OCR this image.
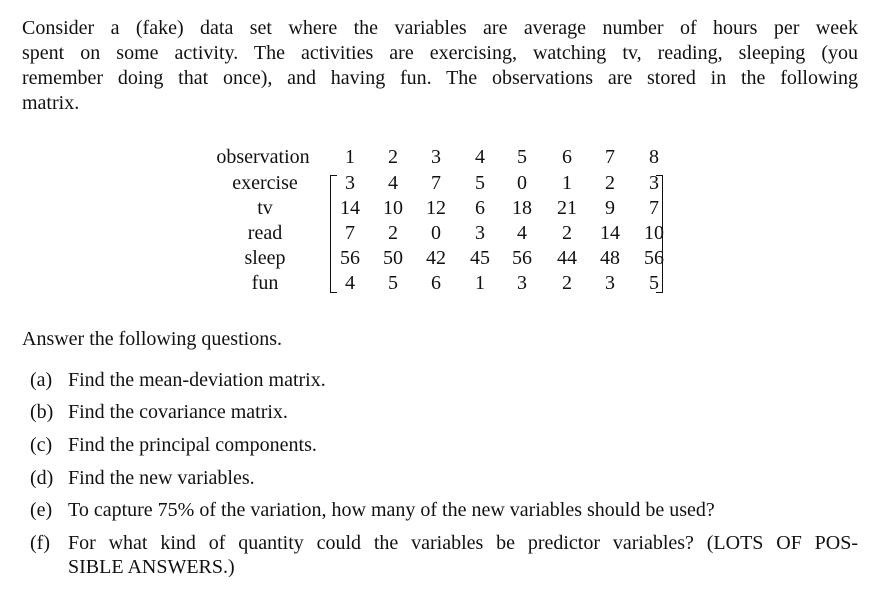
Consider a (fake) data set where the variables are average number of hours per week
spent on some activity. The activities are exercising, watching tv, reading, sleeping (you
remember doing that once), and having fun. The observations are stored in the following
matrix.
observation	1	2	3	4	5	6	7	8
exercise	3	4	7	5	0	1	2	3
tv	14	10	12	6	18	21	9	7
read	7	2	0	3	4	2	14	10
sleep	56	50	42	45	56	44	48	56
fun	4	5	6	1	3	2	3	5
Answer the following questions.
(a) Find the mean-deviation matrix.
(b) Find the covariance matrix.
(c) Find the principal components.
(d) Find the new variables.
(e) To capture 75% of the variation, how many of the new variables should be used?
(f) For what kind of quantity could the variables be predictor variables? (LOTS OF POS-
SIBLE ANSWERS.)
